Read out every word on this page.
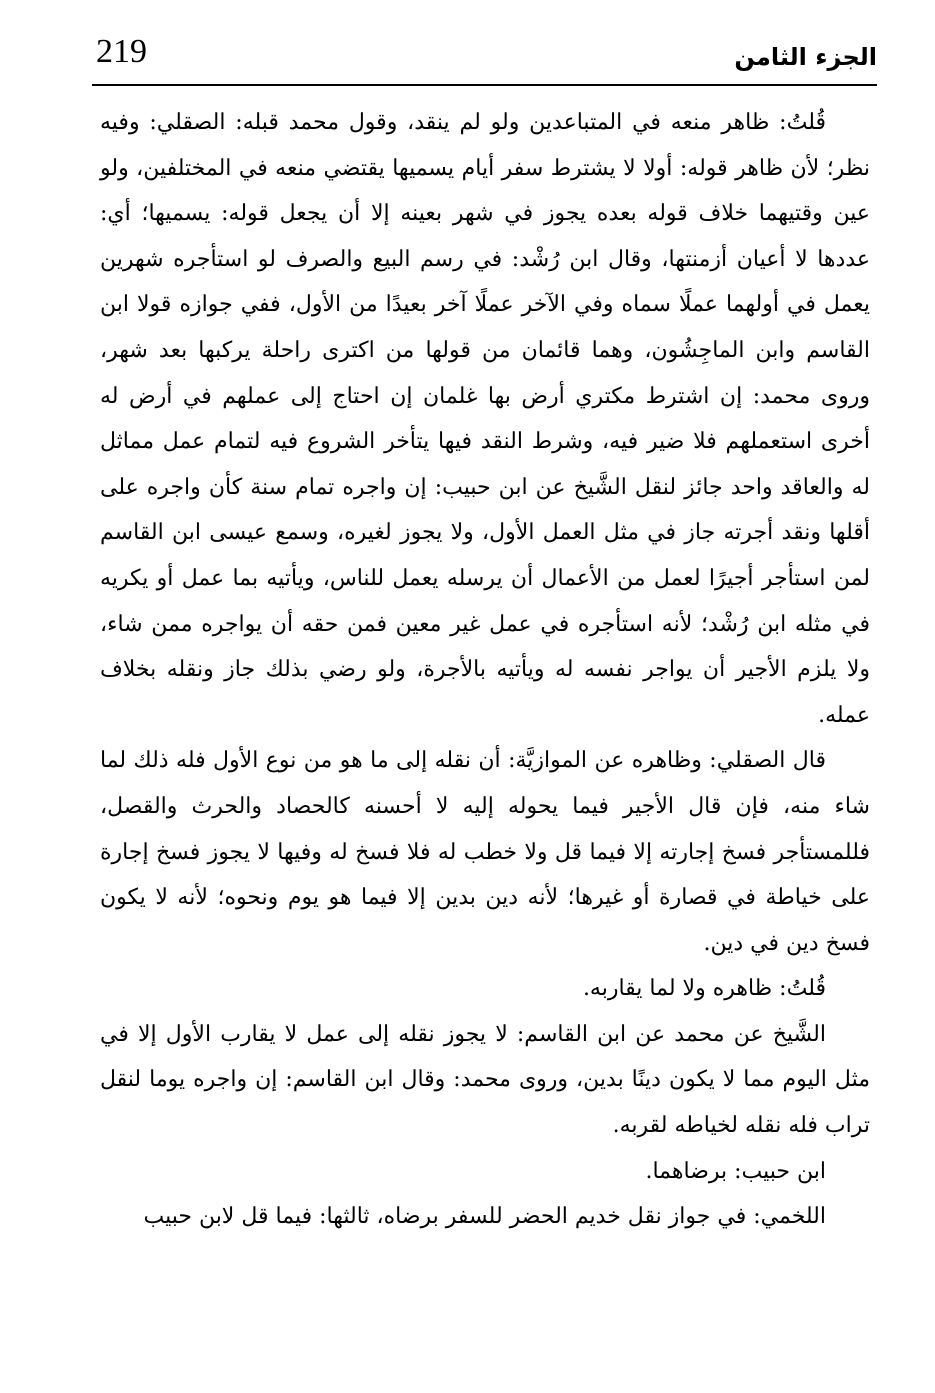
219	الجزء الثامن

قُلتُ: ظاهر منعه في المتباعدين ولو لم ينقد، وقول محمد قبله: الصقلي: وفيه نظر؛ لأن ظاهر قوله: أولا لا يشترط سفر أيام يسميها يقتضي منعه في المختلفين، ولو عين وقتيهما خلاف قوله بعده يجوز في شهر بعينه إلا أن يجعل قوله: يسميها؛ أي: عددها لا أعيان أزمنتها، وقال ابن رُشْد: في رسم البيع والصرف لو استأجره شهرين يعمل في أولهما عملًا سماه وفي الآخر عملًا آخر بعيدًا من الأول، ففي جوازه قولا ابن القاسم وابن الماجِشُون، وهما قائمان من قولها من اكترى راحلة يركبها بعد شهر، وروى محمد: إن اشترط مكتري أرض بها غلمان إن احتاج إلى عملهم في أرض له أخرى استعملهم فلا ضير فيه، وشرط النقد فيها يتأخر الشروع فيه لتمام عمل مماثل له والعاقد واحد جائز لنقل الشَّيخ عن ابن حبيب: إن واجره تمام سنة كأن واجره على أقلها ونقد أجرته جاز في مثل العمل الأول، ولا يجوز لغيره، وسمع عيسى ابن القاسم لمن استأجر أجيرًا لعمل من الأعمال أن يرسله يعمل للناس، ويأتيه بما عمل أو يكريه في مثله ابن رُشْد؛ لأنه استأجره في عمل غير معين فمن حقه أن يواجره ممن شاء، ولا يلزم الأجير أن يواجر نفسه له ويأتيه بالأجرة، ولو رضي بذلك جاز ونقله بخلاف عمله.

قال الصقلي: وظاهره عن الموازيَّة: أن نقله إلى ما هو من نوع الأول فله ذلك لما شاء منه، فإن قال الأجير فيما يحوله إليه لا أحسنه كالحصاد والحرث والقصل، فللمستأجر فسخ إجارته إلا فيما قل ولا خطب له فلا فسخ له وفيها لا يجوز فسخ إجارة على خياطة في قصارة أو غيرها؛ لأنه دين بدين إلا فيما هو يوم ونحوه؛ لأنه لا يكون فسخ دين في دين.

قُلتُ: ظاهره ولا لما يقاربه.

الشَّيخ عن محمد عن ابن القاسم: لا يجوز نقله إلى عمل لا يقارب الأول إلا في مثل اليوم مما لا يكون دينًا بدين، وروى محمد: وقال ابن القاسم: إن واجره يوما لنقل تراب فله نقله لخياطه لقربه.

ابن حبيب: برضاهما.

اللخمي: في جواز نقل خديم الحضر للسفر برضاه، ثالثها: فيما قل لابن حبيب
